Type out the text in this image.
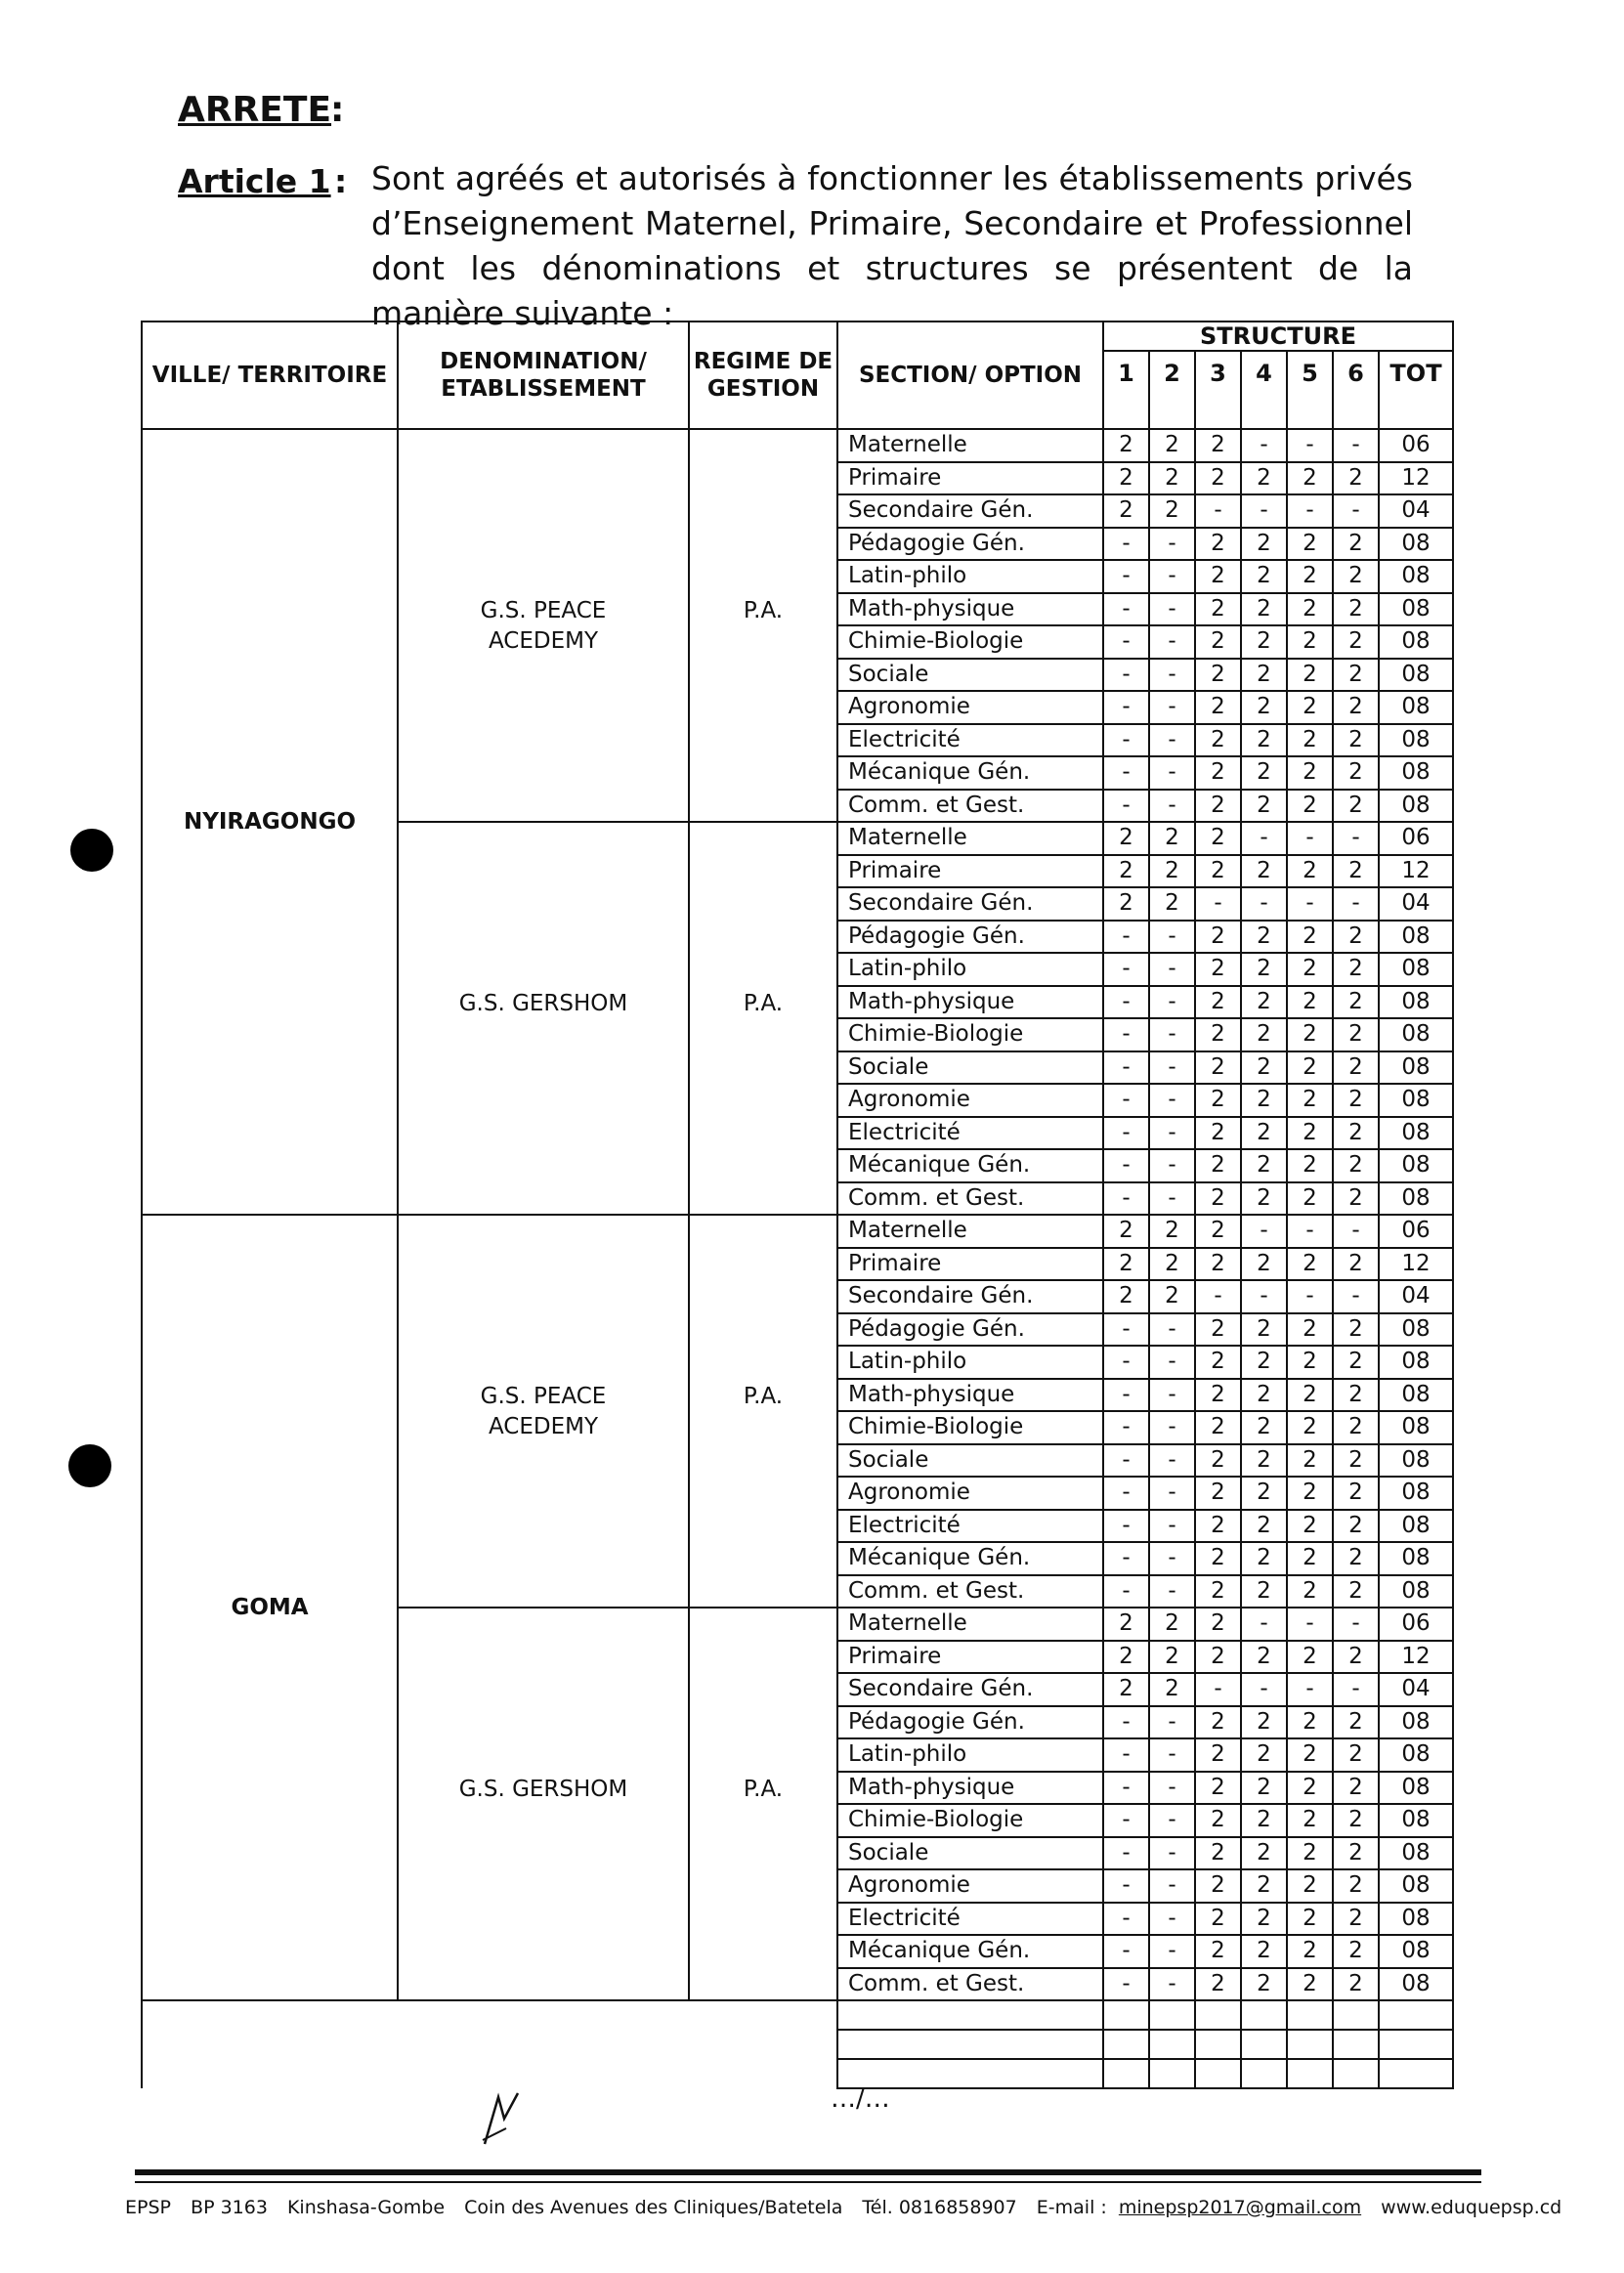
ARRETE
:
Article 1 : Sont agréés et autorisés à fonctionner les établissements privés d’Enseignement Maternel, Primaire, Secondaire et Professionnel dont les dénominations et structures se présentent de la manière suivante :
VILLE/ TERRITOIRE	DENOMINATION/ ETABLISSEMENT	REGIME DE GESTION	SECTION/ OPTION	STRUCTURE						
				1	2	3	4	5	6	TOT
NYIRAGONGO	G.S. PEACE ACEDEMY	P.A.	Maternelle	2	2	2	-	-	-	06
			Primaire	2	2	2	2	2	2	12
			Secondaire Gén.	2	2	-	-	-	-	04
			Pédagogie Gén.	-	-	2	2	2	2	08
			Latin-philo	-	-	2	2	2	2	08
			Math-physique	-	-	2	2	2	2	08
			Chimie-Biologie	-	-	2	2	2	2	08
			Sociale	-	-	2	2	2	2	08
			Agronomie	-	-	2	2	2	2	08
			Electricité	-	-	2	2	2	2	08
			Mécanique Gén.	-	-	2	2	2	2	08
			Comm. et Gest.	-	-	2	2	2	2	08
	G.S. GERSHOM	P.A.	Maternelle	2	2	2	-	-	-	06
			Primaire	2	2	2	2	2	2	12
			Secondaire Gén.	2	2	-	-	-	-	04
			Pédagogie Gén.	-	-	2	2	2	2	08
			Latin-philo	-	-	2	2	2	2	08
			Math-physique	-	-	2	2	2	2	08
			Chimie-Biologie	-	-	2	2	2	2	08
			Sociale	-	-	2	2	2	2	08
			Agronomie	-	-	2	2	2	2	08
			Electricité	-	-	2	2	2	2	08
			Mécanique Gén.	-	-	2	2	2	2	08
			Comm. et Gest.	-	-	2	2	2	2	08
GOMA	G.S. PEACE ACEDEMY	P.A.	Maternelle	2	2	2	-	-	-	06
			Primaire	2	2	2	2	2	2	12
			Secondaire Gén.	2	2	-	-	-	-	04
			Pédagogie Gén.	-	-	2	2	2	2	08
			Latin-philo	-	-	2	2	2	2	08
			Math-physique	-	-	2	2	2	2	08
			Chimie-Biologie	-	-	2	2	2	2	08
			Sociale	-	-	2	2	2	2	08
			Agronomie	-	-	2	2	2	2	08
			Electricité	-	-	2	2	2	2	08
			Mécanique Gén.	-	-	2	2	2	2	08
			Comm. et Gest.	-	-	2	2	2	2	08
	G.S. GERSHOM	P.A.	Maternelle	2	2	2	-	-	-	06
			Primaire	2	2	2	2	2	2	12
			Secondaire Gén.	2	2	-	-	-	-	04
			Pédagogie Gén.	-	-	2	2	2	2	08
			Latin-philo	-	-	2	2	2	2	08
			Math-physique	-	-	2	2	2	2	08
			Chimie-Biologie	-	-	2	2	2	2	08
			Sociale	-	-	2	2	2	2	08
			Agronomie	-	-	2	2	2	2	08
			Electricité	-	-	2	2	2	2	08
			Mécanique Gén.	-	-	2	2	2	2	08
			Comm. et Gest.	-	-	2	2	2	2	08

…/…
EPSP BP 3163 Kinshasa-Gombe Coin des Avenues des Cliniques/Batetela Tél. 0816858907 E-mail : minepsp2017@gmail.com www.eduquepsp.cd
